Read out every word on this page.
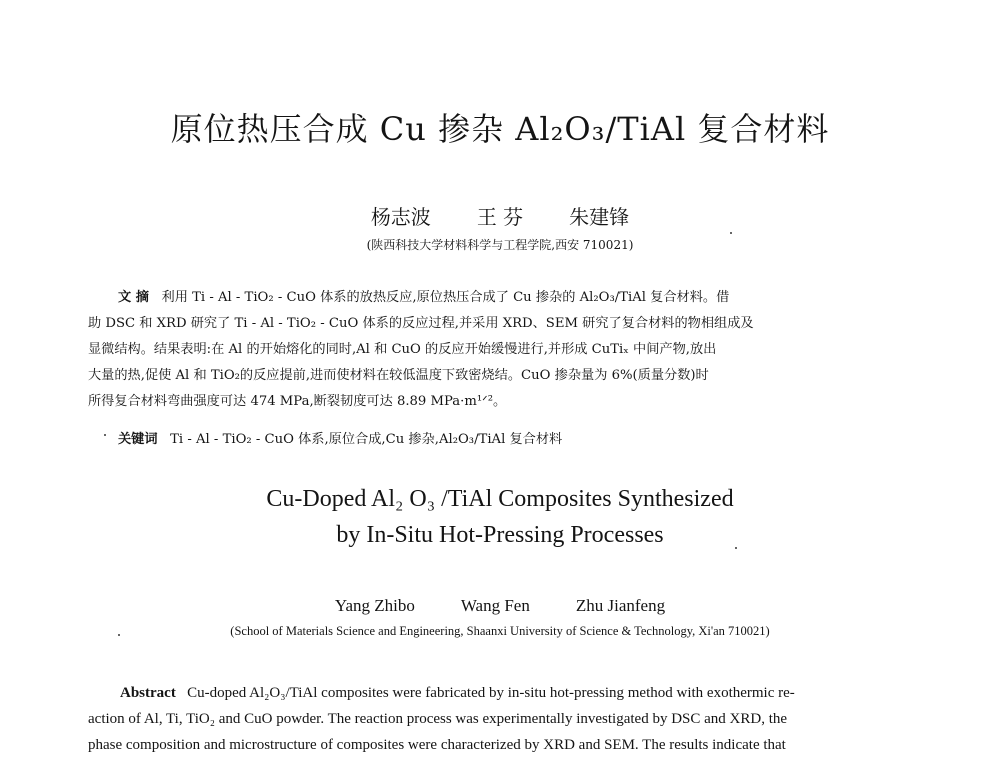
原位热压合成 Cu 掺杂 Al₂O₃/TiAl 复合材料
杨志波 王 芬 朱建锋
(陕西科技大学材料科学与工程学院,西安 710021)
文 摘 利用 Ti - Al - TiO₂ - CuO 体系的放热反应,原位热压合成了 Cu 掺杂的 Al₂O₃/TiAl 复合材料。借
助 DSC 和 XRD 研究了 Ti - Al - TiO₂ - CuO 体系的反应过程,并采用 XRD、SEM 研究了复合材料的物相组成及
显微结构。结果表明:在 Al 的开始熔化的同时,Al 和 CuO 的反应开始缓慢进行,并形成 CuTiₓ 中间产物,放出
大量的热,促使 Al 和 TiO₂的反应提前,进而使材料在较低温度下致密烧结。CuO 掺杂量为 6%(质量分数)时
所得复合材料弯曲强度可达 474 MPa,断裂韧度可达 8.89 MPa·m¹ᐟ²。
关键词 Ti - Al - TiO₂ - CuO 体系,原位合成,Cu 掺杂,Al₂O₃/TiAl 复合材料
Cu-Doped Al₂ O₃ /TiAl Composites Synthesized
by In-Situ Hot-Pressing Processes
Yang Zhibo	Wang Fen	Zhu Jianfeng
(School of Materials Science and Engineering, Shaanxi University of Science & Technology, Xi'an 710021)
Abstract Cu-doped Al₂O₃/TiAl composites were fabricated by in-situ hot-pressing method with exothermic re-
action of Al, Ti, TiO₂ and CuO powder. The reaction process was experimentally investigated by DSC and XRD, the
phase composition and microstructure of composites were characterized by XRD and SEM. The results indicate that
